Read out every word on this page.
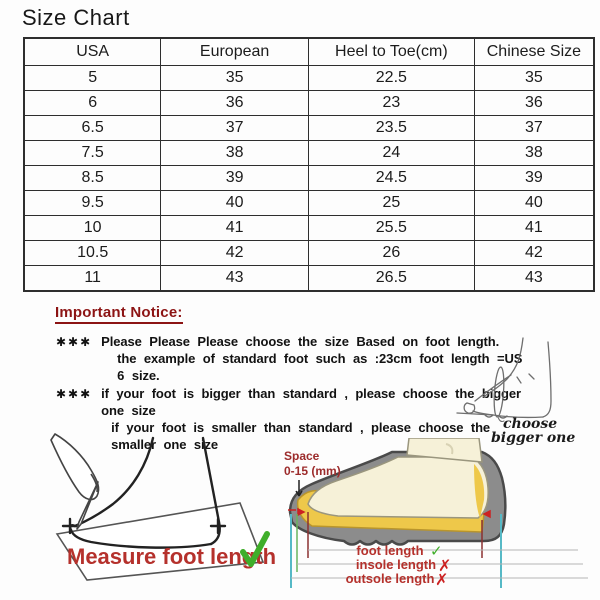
Size Chart
USA	European	Heel to Toe(cm)	Chinese Size
5	35	22.5	35
6	36	23	36
6.5	37	23.5	37
7.5	38	24	38
8.5	39	24.5	39
9.5	40	25	40
10	41	25.5	41
10.5	42	26	42
11	43	26.5	43
Important Notice:
✱✱✱ Please Please Please choose the size Based on foot length.
the example of standard foot such as :23cm foot length =US 6 size.
✱✱✱ if your foot is bigger than standard , please choose the bigger one size
if your foot is smaller than standard , please choose the smaller one size
choose
bigger one
Measure foot length
Space
0-15 (mm)
foot length ✓
insole length ✗
outsole length ✗
